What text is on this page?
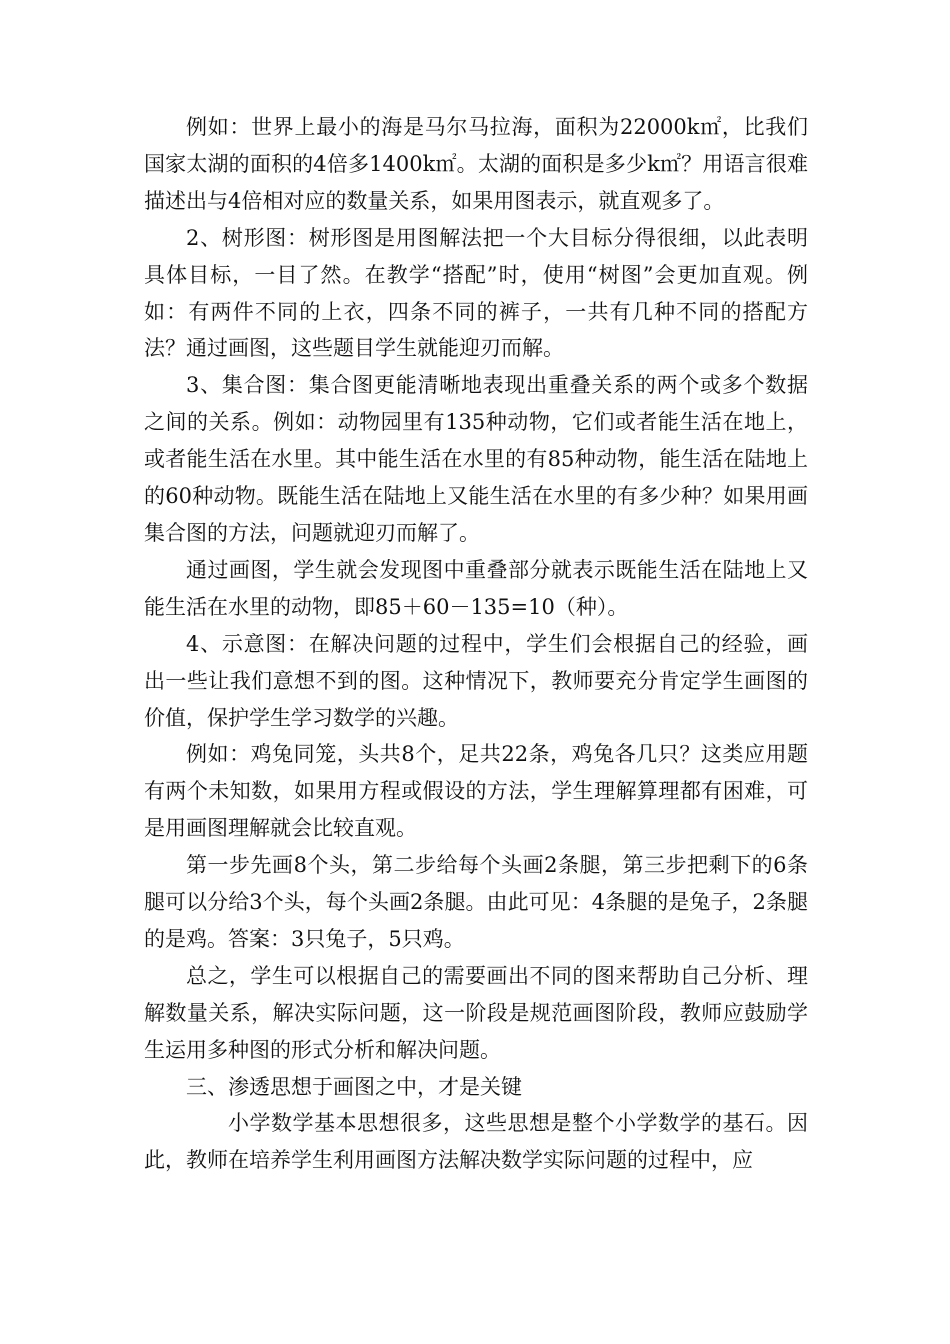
例如：世界上最小的海是马尔马拉海，面积为22000k㎡，比我们国家太湖的面积的4倍多1400k㎡。太湖的面积是多少k㎡？用语言很难描述出与4倍相对应的数量关系，如果用图表示，就直观多了。

2、树形图：树形图是用图解法把一个大目标分得很细，以此表明具体目标，一目了然。在教学“搭配”时，使用“树图”会更加直观。例如：有两件不同的上衣，四条不同的裤子，一共有几种不同的搭配方法？通过画图，这些题目学生就能迎刃而解。

3、集合图：集合图更能清晰地表现出重叠关系的两个或多个数据之间的关系。例如：动物园里有135种动物，它们或者能生活在地上，或者能生活在水里。其中能生活在水里的有85种动物，能生活在陆地上的60种动物。既能生活在陆地上又能生活在水里的有多少种？如果用画集合图的方法，问题就迎刃而解了。

通过画图，学生就会发现图中重叠部分就表示既能生活在陆地上又能生活在水里的动物，即85＋60－135=10（种）。

4、示意图：在解决问题的过程中，学生们会根据自己的经验，画出一些让我们意想不到的图。这种情况下，教师要充分肯定学生画图的价值，保护学生学习数学的兴趣。

例如：鸡兔同笼，头共8个，足共22条，鸡兔各几只？这类应用题有两个未知数，如果用方程或假设的方法，学生理解算理都有困难，可是用画图理解就会比较直观。

第一步先画8个头，第二步给每个头画2条腿，第三步把剩下的6条腿可以分给3个头，每个头画2条腿。由此可见：4条腿的是兔子，2条腿的是鸡。答案：3只兔子，5只鸡。

总之，学生可以根据自己的需要画出不同的图来帮助自己分析、理解数量关系，解决实际问题，这一阶段是规范画图阶段，教师应鼓励学生运用多种图的形式分析和解决问题。

三、渗透思想于画图之中，才是关键

小学数学基本思想很多，这些思想是整个小学数学的基石。因此，教师在培养学生利用画图方法解决数学实际问题的过程中，应
